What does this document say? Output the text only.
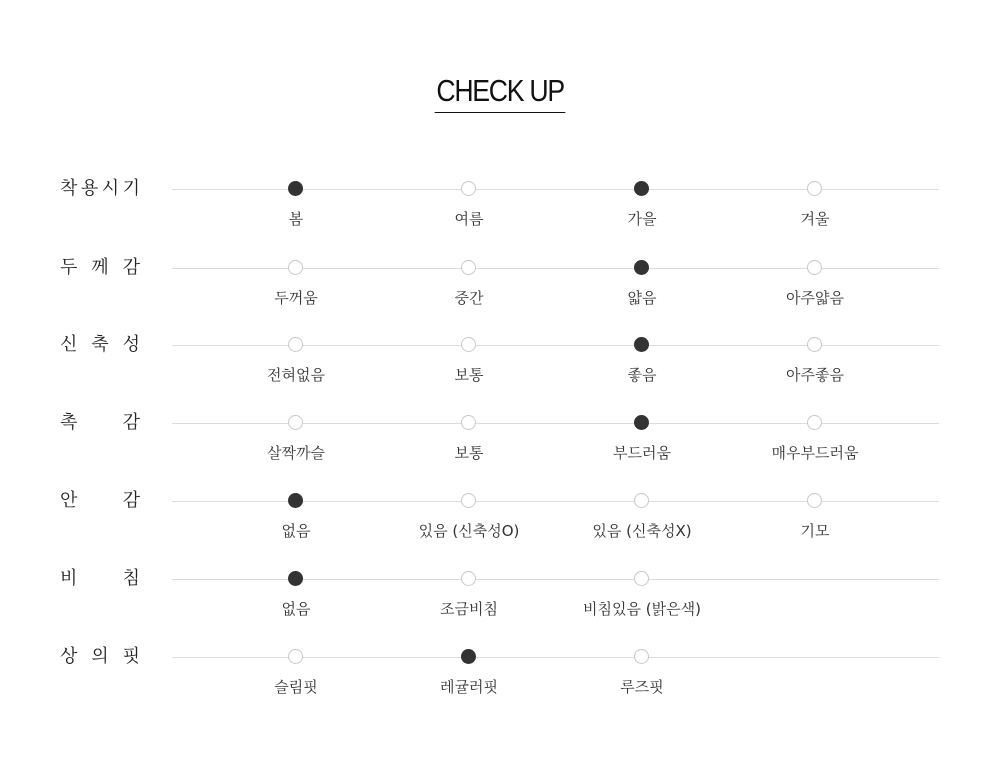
CHECK UP
착 용 시 기
봄	여름	가을	겨울
두 께 감
두꺼움	중간	얇음	아주얇음
신 축 성
전혀없음	보통	좋음	아주좋음
촉	감
살짝까슬	보통	부드러움	매우부드러움
안	감
없음	있음 (신축성O)	있음 (신축성X)	기모
비	침
없음	조금비침	비침있음 (밝은색)
상 의 핏
슬림핏	레귤러핏	루즈핏
